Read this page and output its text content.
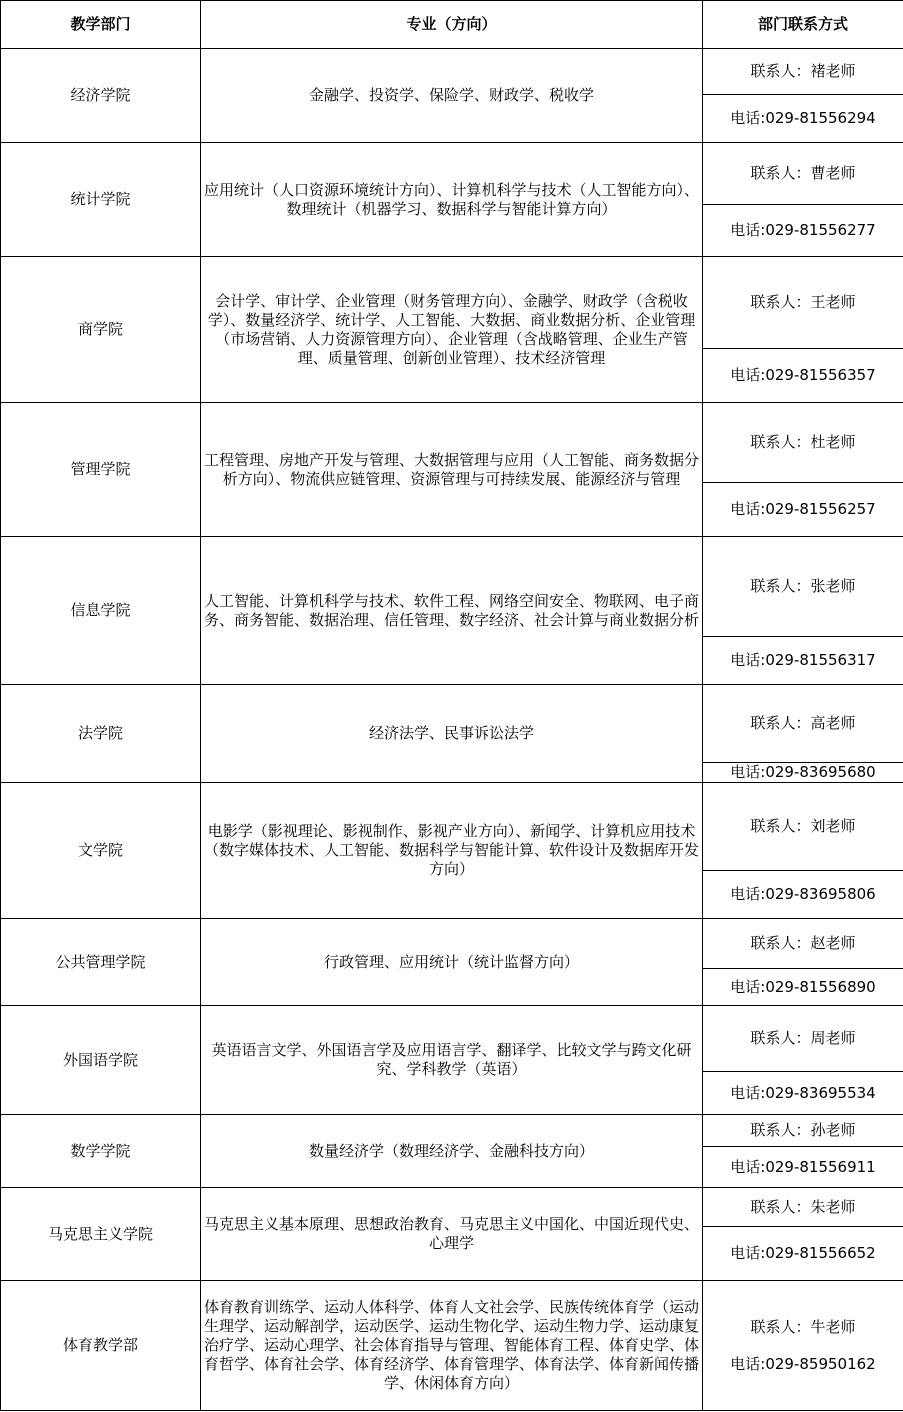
教学部门	专业（方向）	部门联系方式
经济学院	金融学、投资学、保险学、财政学、税收学	联系人：褚老师
		电话:029-81556294
统计学院	应用统计（人口资源环境统计方向）、计算机科学与技术（人工智能方向）、数理统计（机器学习、数据科学与智能计算方向）	联系人：曹老师
		电话:029-81556277
商学院	会计学、审计学、企业管理（财务管理方向）、金融学、财政学（含税收学）、数量经济学、统计学、人工智能、大数据、商业数据分析、企业管理（市场营销、人力资源管理方向）、企业管理（含战略管理、企业生产管理、质量管理、创新创业管理）、技术经济管理	联系人：王老师
		电话:029-81556357
管理学院	工程管理、房地产开发与管理、大数据管理与应用（人工智能、商务数据分析方向）、物流供应链管理、资源管理与可持续发展、能源经济与管理	联系人：杜老师
		电话:029-81556257
信息学院	人工智能、计算机科学与技术、软件工程、网络空间安全、物联网、电子商务、商务智能、数据治理、信任管理、数字经济、社会计算与商业数据分析	联系人：张老师
		电话:029-81556317
法学院	经济法学、民事诉讼法学	联系人：高老师
		电话:029-83695680
文学院	电影学（影视理论、影视制作、影视产业方向）、新闻学、计算机应用技术（数字媒体技术、人工智能、数据科学与智能计算、软件设计及数据库开发方向）	联系人：刘老师
		电话:029-83695806
公共管理学院	行政管理、应用统计（统计监督方向）	联系人：赵老师
		电话:029-81556890
外国语学院	英语语言文学、外国语言学及应用语言学、翻译学、比较文学与跨文化研究、学科教学（英语）	联系人：周老师
		电话:029-83695534
数学学院	数量经济学（数理经济学、金融科技方向）	联系人：孙老师
		电话:029-81556911
马克思主义学院	马克思主义基本原理、思想政治教育、马克思主义中国化、中国近现代史、心理学	联系人：朱老师
		电话:029-81556652
体育教学部	体育教育训练学、运动人体科学、体育人文社会学、民族传统体育学（运动生理学、运动解剖学，运动医学、运动生物化学、运动生物力学、运动康复治疗学、运动心理学、社会体育指导与管理、智能体育工程、体育史学、体育哲学、体育社会学、体育经济学、体育管理学、体育法学、体育新闻传播学、休闲体育方向）	联系人：牛老师
电话:029-85950162
